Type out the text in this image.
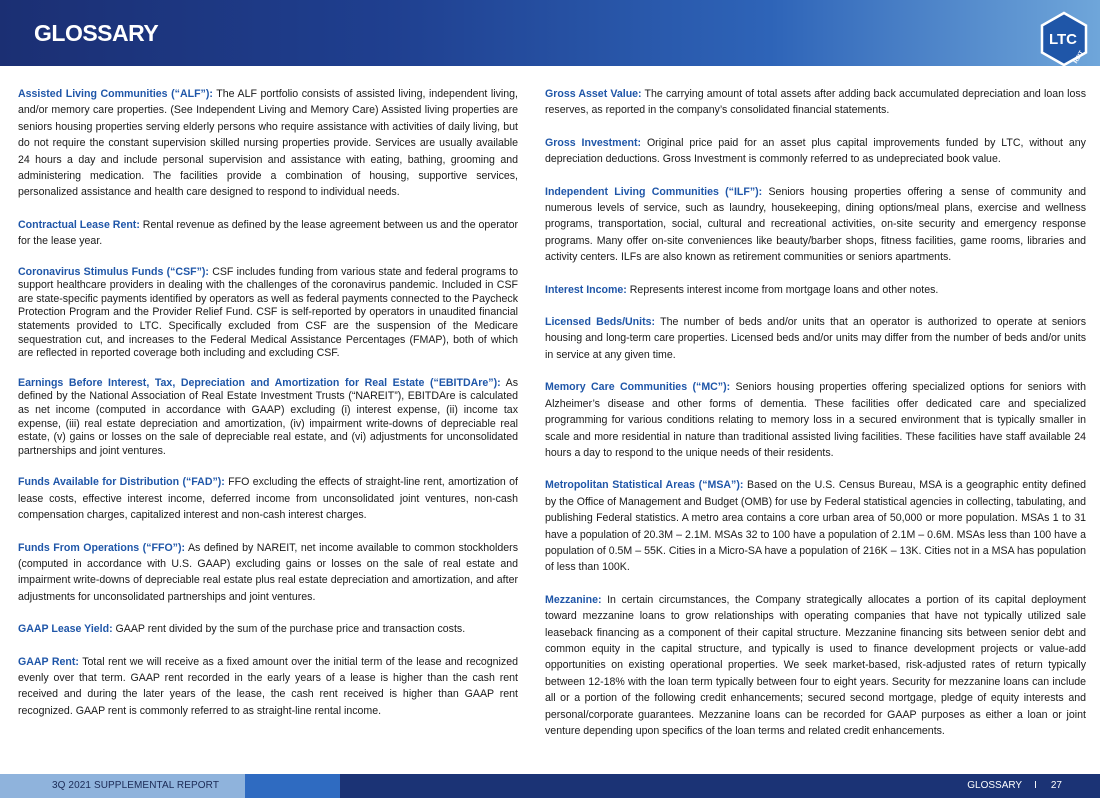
GLOSSARY	LTC
REIT

Assisted Living Communities (“ALF”): The ALF portfolio consists of assisted living, independent living, and/or memory care properties. (See Independent Living and Memory Care) Assisted living properties are seniors housing properties serving elderly persons who require assistance with activities of daily living, but do not require the constant supervision skilled nursing properties provide. Services are usually available 24 hours a day and include personal supervision and assistance with eating, bathing, grooming and administering medication. The facilities provide a combination of housing, supportive services, personalized assistance and health care designed to respond to individual needs.

Contractual Lease Rent: Rental revenue as defined by the lease agreement between us and the operator for the lease year.

Coronavirus Stimulus Funds (“CSF”): CSF includes funding from various state and federal programs to support healthcare providers in dealing with the challenges of the coronavirus pandemic. Included in CSF are state-specific payments identified by operators as well as federal payments connected to the Paycheck Protection Program and the Provider Relief Fund. CSF is self-reported by operators in unaudited financial statements provided to LTC. Specifically excluded from CSF are the suspension of the Medicare sequestration cut, and increases to the Federal Medical Assistance Percentages (FMAP), both of which are reflected in reported coverage both including and excluding CSF.

Earnings Before Interest, Tax, Depreciation and Amortization for Real Estate (“EBITDAre”): As defined by the National Association of Real Estate Investment Trusts (“NAREIT”), EBITDAre is calculated as net income (computed in accordance with GAAP) excluding (i) interest expense, (ii) income tax expense, (iii) real estate depreciation and amortization, (iv) impairment write-downs of depreciable real estate, (v) gains or losses on the sale of depreciable real estate, and (vi) adjustments for unconsolidated partnerships and joint ventures.

Funds Available for Distribution (“FAD”): FFO excluding the effects of straight-line rent, amortization of lease costs, effective interest income, deferred income from unconsolidated joint ventures, non-cash compensation charges, capitalized interest and non-cash interest charges.

Funds From Operations (“FFO”): As defined by NAREIT, net income available to common stockholders (computed in accordance with U.S. GAAP) excluding gains or losses on the sale of real estate and impairment write-downs of depreciable real estate plus real estate depreciation and amortization, and after adjustments for unconsolidated partnerships and joint ventures.

GAAP Lease Yield: GAAP rent divided by the sum of the purchase price and transaction costs.

GAAP Rent: Total rent we will receive as a fixed amount over the initial term of the lease and recognized evenly over that term. GAAP rent recorded in the early years of a lease is higher than the cash rent received and during the later years of the lease, the cash rent received is higher than GAAP rent recognized. GAAP rent is commonly referred to as straight-line rental income.

Gross Asset Value: The carrying amount of total assets after adding back accumulated depreciation and loan loss reserves, as reported in the company’s consolidated financial statements.

Gross Investment: Original price paid for an asset plus capital improvements funded by LTC, without any depreciation deductions. Gross Investment is commonly referred to as undepreciated book value.

Independent Living Communities (“ILF”): Seniors housing properties offering a sense of community and numerous levels of service, such as laundry, housekeeping, dining options/meal plans, exercise and wellness programs, transportation, social, cultural and recreational activities, on-site security and emergency response programs. Many offer on-site conveniences like beauty/barber shops, fitness facilities, game rooms, libraries and activity centers. ILFs are also known as retirement communities or seniors apartments.

Interest Income: Represents interest income from mortgage loans and other notes.

Licensed Beds/Units: The number of beds and/or units that an operator is authorized to operate at seniors housing and long-term care properties. Licensed beds and/or units may differ from the number of beds and/or units in service at any given time.

Memory Care Communities (“MC”): Seniors housing properties offering specialized options for seniors with Alzheimer’s disease and other forms of dementia. These facilities offer dedicated care and specialized programming for various conditions relating to memory loss in a secured environment that is typically smaller in scale and more residential in nature than traditional assisted living facilities. These facilities have staff available 24 hours a day to respond to the unique needs of their residents.

Metropolitan Statistical Areas (“MSA”): Based on the U.S. Census Bureau, MSA is a geographic entity defined by the Office of Management and Budget (OMB) for use by Federal statistical agencies in collecting, tabulating, and publishing Federal statistics. A metro area contains a core urban area of 50,000 or more population. MSAs 1 to 31 have a population of 20.3M – 2.1M. MSAs 32 to 100 have a population of 2.1M – 0.6M. MSAs less than 100 have a population of 0.5M – 55K. Cities in a Micro-SA have a population of 216K – 13K. Cities not in a MSA has population of less than 100K.

Mezzanine: In certain circumstances, the Company strategically allocates a portion of its capital deployment toward mezzanine loans to grow relationships with operating companies that have not typically utilized sale leaseback financing as a component of their capital structure. Mezzanine financing sits between senior debt and common equity in the capital structure, and typically is used to finance development projects or value-add opportunities on existing operational properties. We seek market-based, risk-adjusted rates of return typically between 12-18% with the loan term typically between four to eight years. Security for mezzanine loans can include all or a portion of the following credit enhancements; secured second mortgage, pledge of equity interests and personal/corporate guarantees. Mezzanine loans can be recorded for GAAP purposes as either a loan or joint venture depending upon specifics of the loan terms and related credit enhancements.

3Q 2021 SUPPLEMENTAL REPORT	GLOSSARY I 27
